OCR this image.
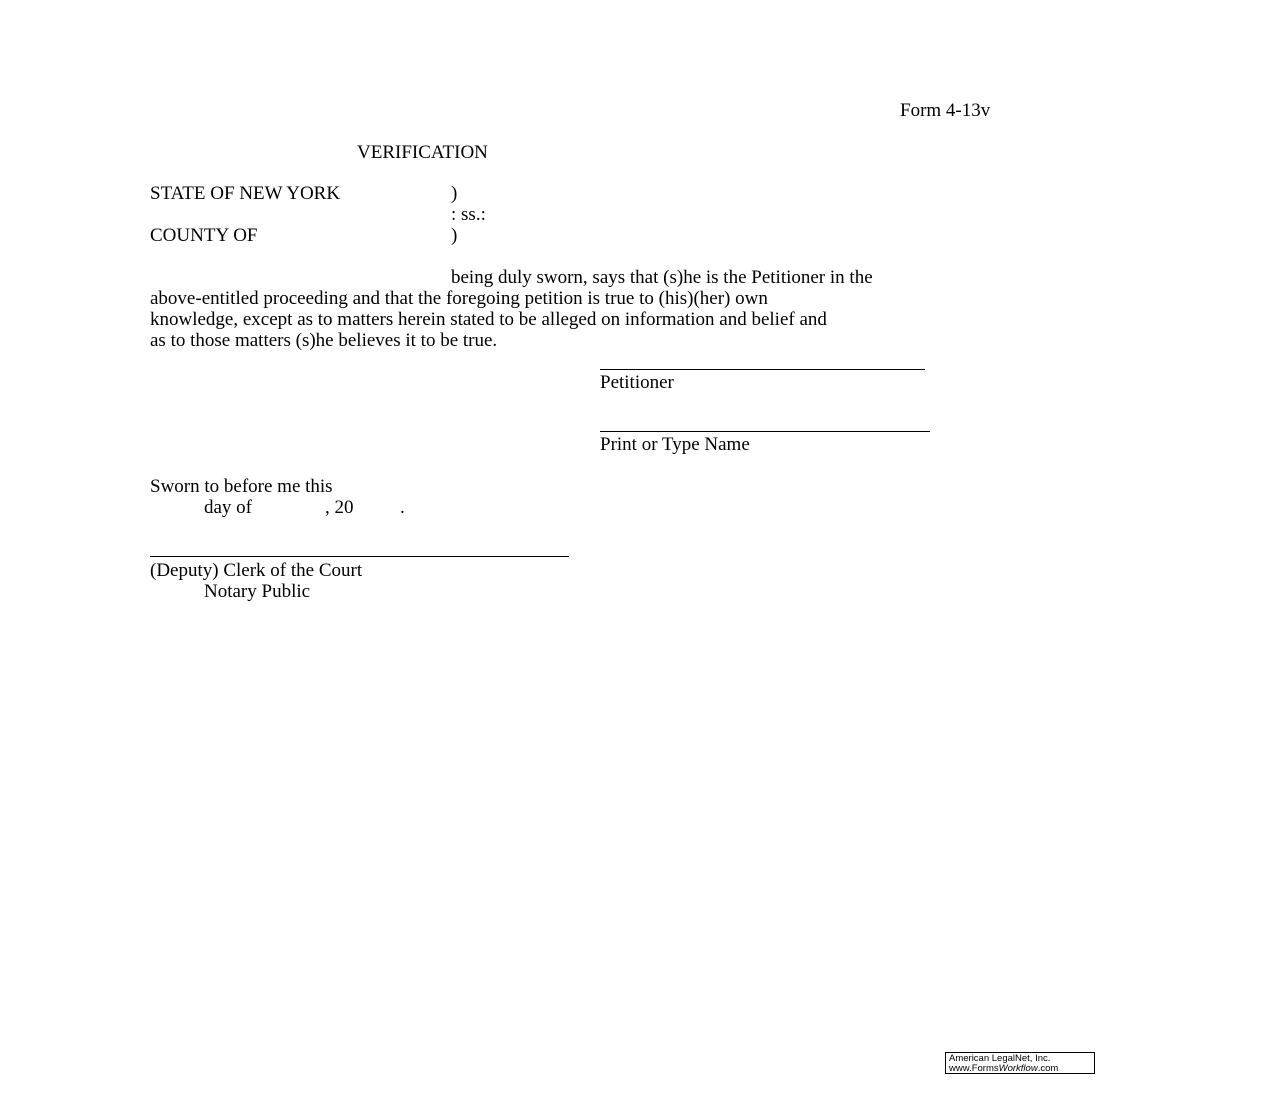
Form 4-13v
VERIFICATION
STATE OF NEW YORK	)
: ss.:
COUNTY OF	)
being duly sworn, says that (s)he is the Petitioner in the
above-entitled proceeding and that the foregoing petition is true to (his)(her) own
knowledge, except as to matters herein stated to be alleged on information and belief and
as to those matters (s)he believes it to be true.
Petitioner
Print or Type Name
Sworn to before me this
day of	, 20 .
(Deputy) Clerk of the Court
Notary Public
American LegalNet, Inc.
www.FormsWorkflow.com
